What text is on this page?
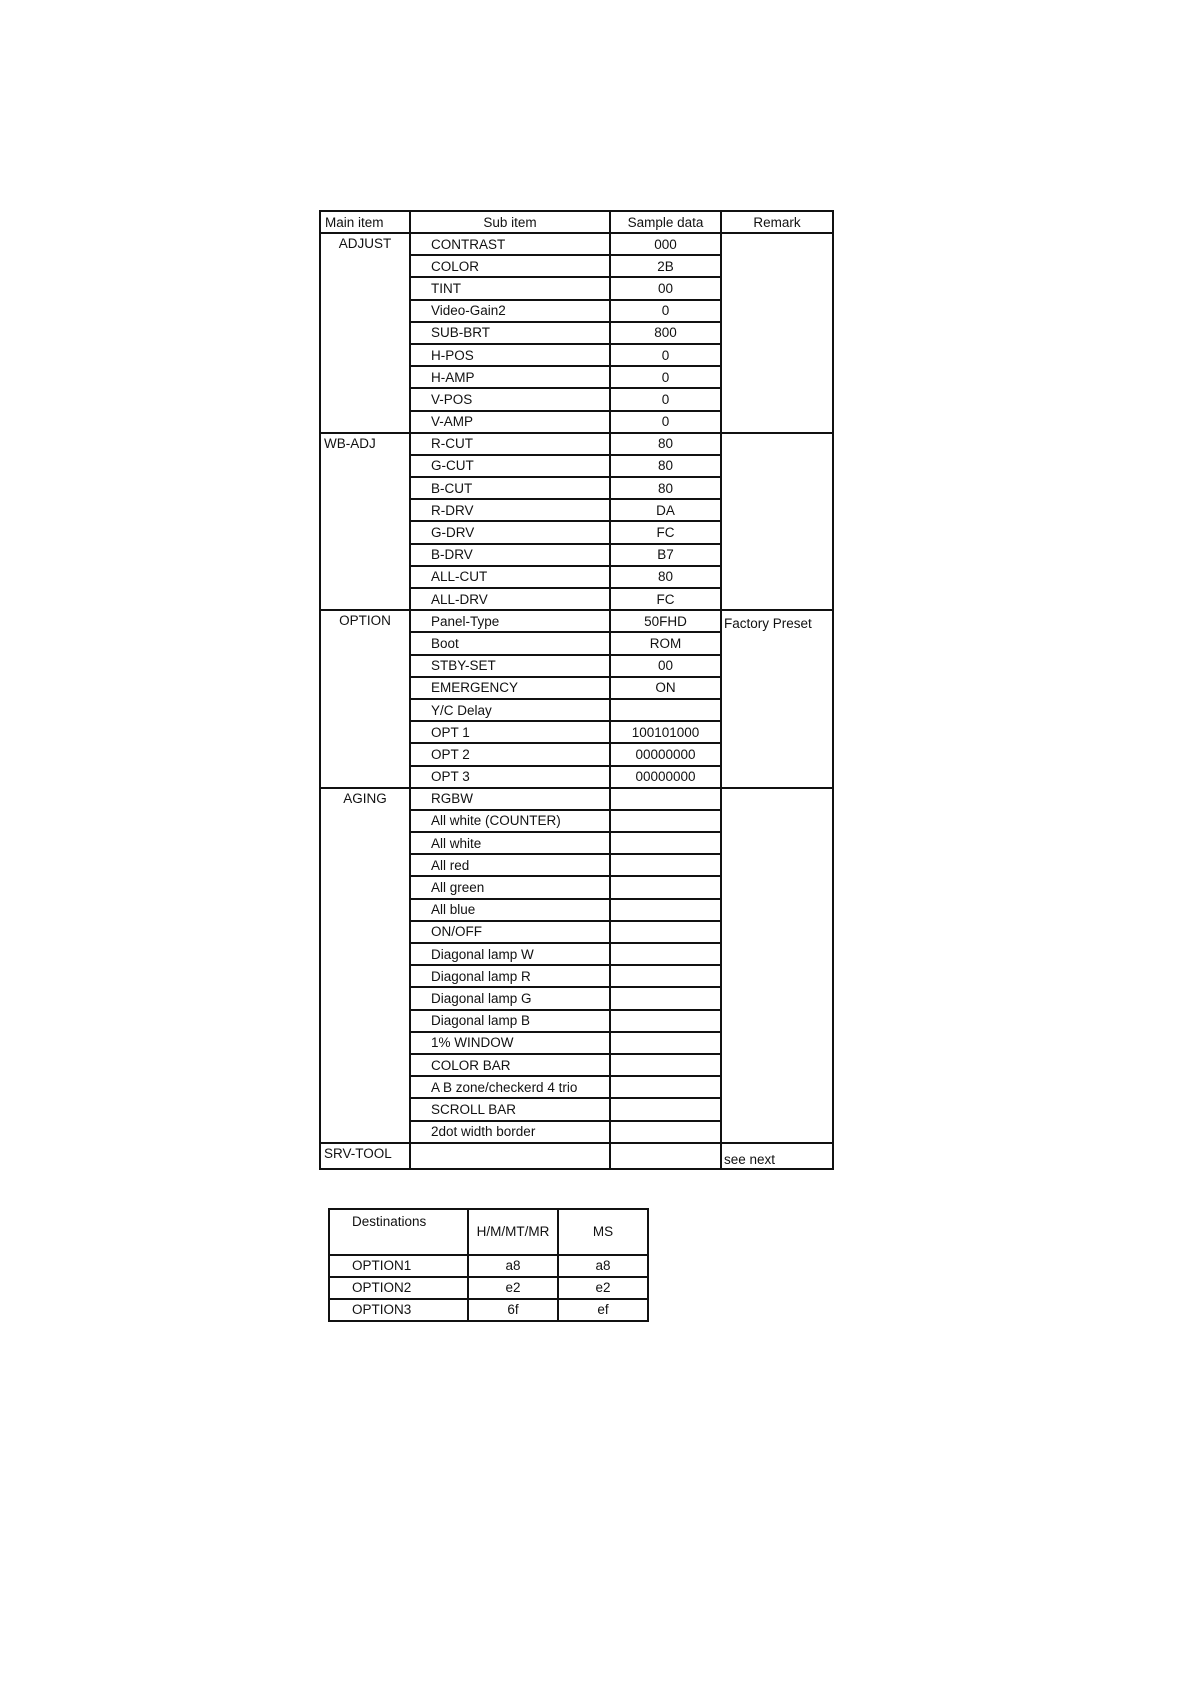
Main item	Sub item	Sample data	Remark
ADJUST	CONTRAST	000	
	COLOR	2B	
	TINT	00	
	Video-Gain2	0	
	SUB-BRT	800	
	H-POS	0	
	H-AMP	0	
	V-POS	0	
	V-AMP	0	
WB-ADJ	R-CUT	80	
	G-CUT	80	
	B-CUT	80	
	R-DRV	DA	
	G-DRV	FC	
	B-DRV	B7	
	ALL-CUT	80	
	ALL-DRV	FC	
OPTION	Panel-Type	50FHD	Factory Preset
	Boot	ROM	
	STBY-SET	00	
	EMERGENCY	ON	
	Y/C Delay		
	OPT 1	100101000	
	OPT 2	00000000	
	OPT 3	00000000	
AGING	RGBW		
	All white (COUNTER)		
	All white		
	All red		
	All green		
	All blue		
	ON/OFF		
	Diagonal lamp W		
	Diagonal lamp R		
	Diagonal lamp G		
	Diagonal lamp B		
	1% WINDOW		
	COLOR BAR		
	A B zone/checkerd 4 trio		
	SCROLL BAR		
	2dot width border		
SRV-TOOL			see next
Destinations	H/M/MT/MR	MS
OPTION1	a8	a8
OPTION2	e2	e2
OPTION3	6f	ef
